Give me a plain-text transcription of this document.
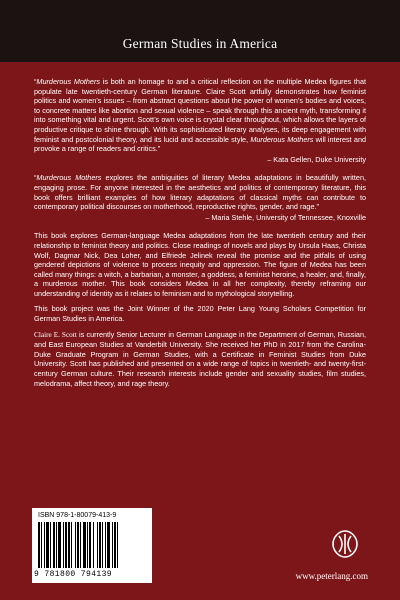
German Studies in America

“Murderous Mothers is both an homage to and a critical reflection on the multiple Medea figures that populate late twentieth-century German literature. Claire Scott artfully demonstrates how feminist politics and women’s issues – from abstract questions about the power of women’s bodies and voices, to concrete matters like abortion and sexual violence – speak through this ancient myth, transforming it into something vital and urgent. Scott’s own voice is crystal clear throughout, which allows the layers of productive critique to shine through. With its sophisticated literary analyses, its deep engagement with feminist and postcolonial theory, and its lucid and accessible style, Murderous Mothers will interest and provoke a range of readers and critics.”

– Kata Gellen, Duke University

“Murderous Mothers explores the ambiguities of literary Medea adaptations in beautifully written, engaging prose. For anyone interested in the aesthetics and politics of contemporary literature, this book offers brilliant examples of how literary adaptations of classical myths can contribute to contemporary political discourses on motherhood, reproductive rights, gender, and rage.”

– Maria Stehle, University of Tennessee, Knoxville

This book explores German-language Medea adaptations from the late twentieth century and their relationship to feminist theory and politics. Close readings of novels and plays by Ursula Haas, Christa Wolf, Dagmar Nick, Dea Loher, and Elfriede Jelinek reveal the promise and the pitfalls of using gendered depictions of violence to process inequity and oppression. The figure of Medea has been called many things: a witch, a barbarian, a monster, a goddess, a feminist heroine, a healer, and, finally, a murderous mother. This book considers Medea in all her complexity, thereby reframing our understanding of identity as it relates to feminism and to mythological storytelling.

This book project was the Joint Winner of the 2020 Peter Lang Young Scholars Competition for German Studies in America.

Claire E. Scott is currently Senior Lecturer in German Language in the Department of German, Russian, and East European Studies at Vanderbilt University. She received her PhD in 2017 from the Carolina-Duke Graduate Program in German Studies, with a Certificate in Feminist Studies from Duke University. Scott has published and presented on a wide range of topics in twentieth- and twenty-first-century German culture. Their research interests include gender and sexuality studies, film studies, melodrama, affect theory, and rage theory.

ISBN 978-1-80079-413-9
9 781800 794139	www.peterlang.com
